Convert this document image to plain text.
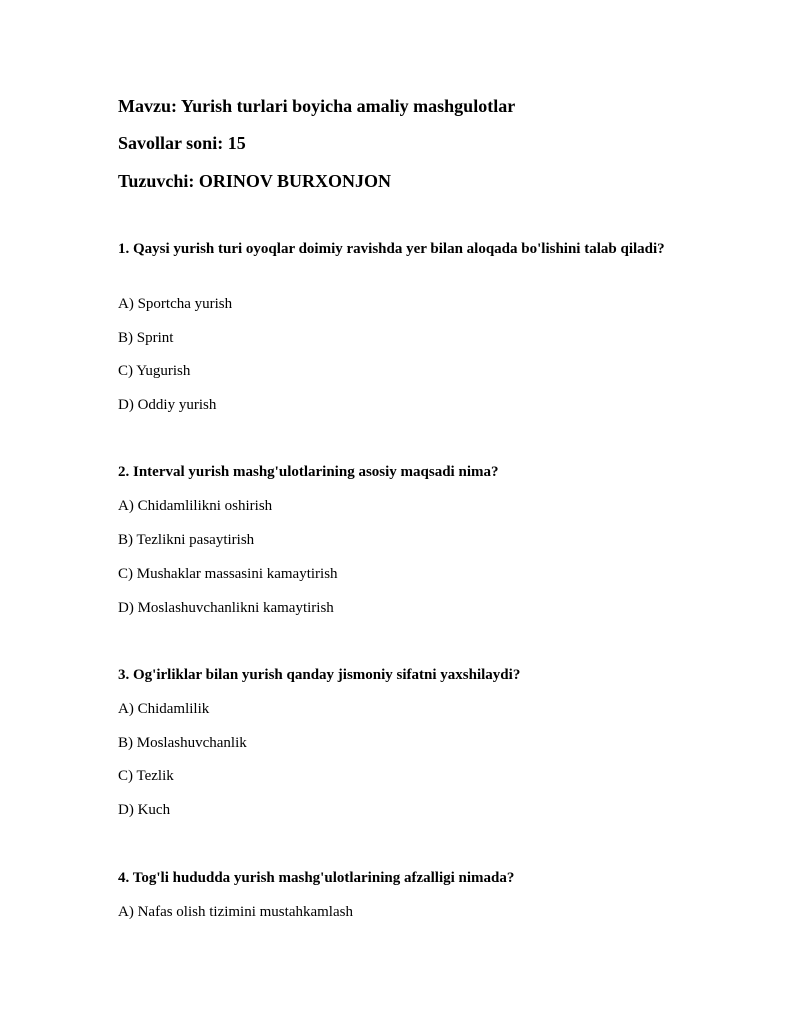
Mavzu: Yurish turlari boyicha amaliy mashgulotlar
Savollar soni: 15
Tuzuvchi: ORINOV BURXONJON
1. Qaysi yurish turi oyoqlar doimiy ravishda yer bilan aloqada bo'lishini talab qiladi?
A) Sportcha yurish
B) Sprint
C) Yugurish
D) Oddiy yurish
2. Interval yurish mashg'ulotlarining asosiy maqsadi nima?
A) Chidamlilikni oshirish
B) Tezlikni pasaytirish
C) Mushaklar massasini kamaytirish
D) Moslashuvchanlikni kamaytirish
3. Og'irliklar bilan yurish qanday jismoniy sifatni yaxshilaydi?
A) Chidamlilik
B) Moslashuvchanlik
C) Tezlik
D) Kuch
4. Tog'li hududda yurish mashg'ulotlarining afzalligi nimada?
A) Nafas olish tizimini mustahkamlash
